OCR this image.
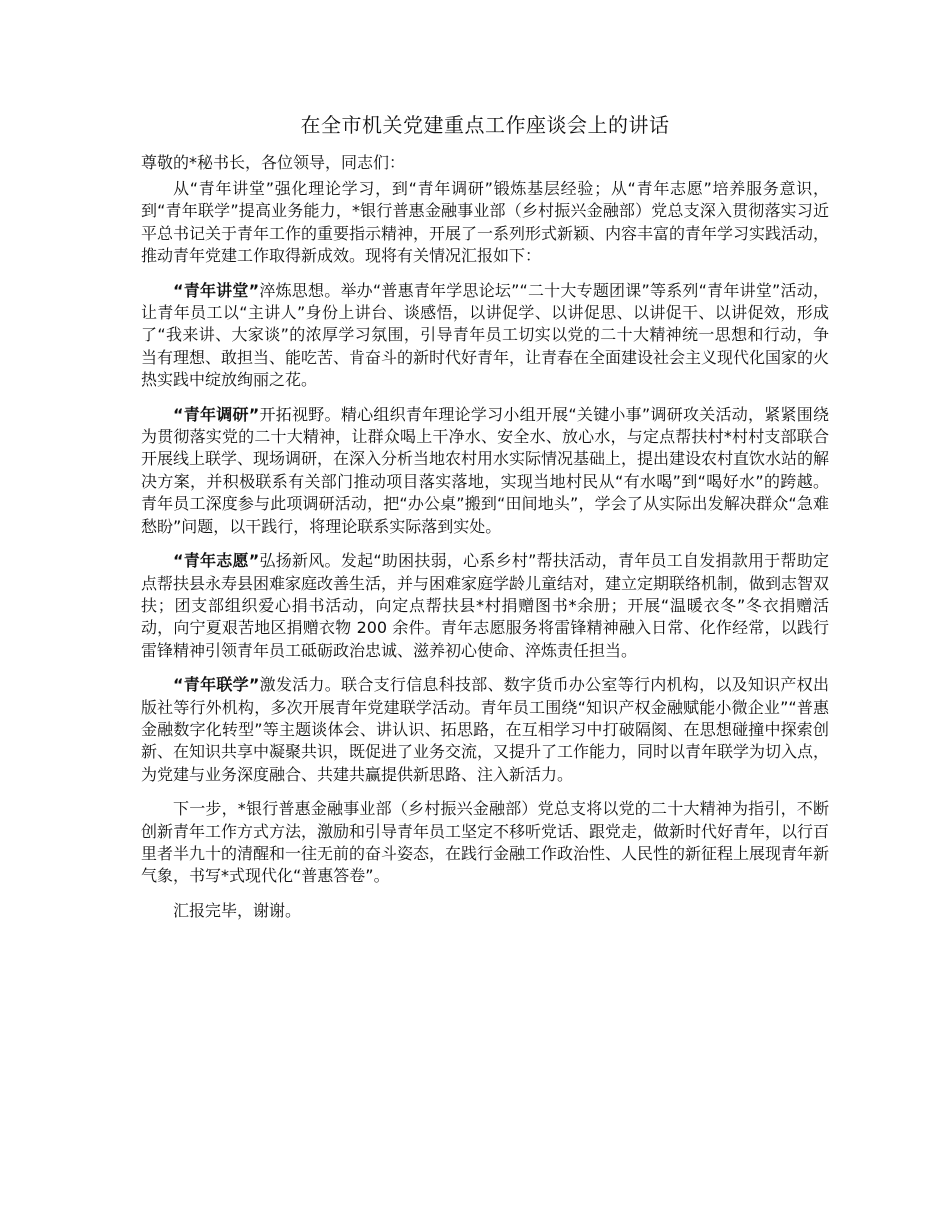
在全市机关党建重点工作座谈会上的讲话

尊敬的*秘书长，各位领导，同志们：

从“青年讲堂”强化理论学习，到“青年调研”锻炼基层经验；从“青年志愿”培养服务意识，到“青年联学”提高业务能力，*银行普惠金融事业部（乡村振兴金融部）党总支深入贯彻落实习近平总书记关于青年工作的重要指示精神，开展了一系列形式新颖、内容丰富的青年学习实践活动，推动青年党建工作取得新成效。现将有关情况汇报如下：

“青年讲堂”淬炼思想。举办“普惠青年学思论坛”“二十大专题团课”等系列“青年讲堂”活动，让青年员工以“主讲人”身份上讲台、谈感悟，以讲促学、以讲促思、以讲促干、以讲促效，形成了“我来讲、大家谈”的浓厚学习氛围，引导青年员工切实以党的二十大精神统一思想和行动，争当有理想、敢担当、能吃苦、肯奋斗的新时代好青年，让青春在全面建设社会主义现代化国家的火热实践中绽放绚丽之花。

“青年调研”开拓视野。精心组织青年理论学习小组开展“关键小事”调研攻关活动，紧紧围绕为贯彻落实党的二十大精神，让群众喝上干净水、安全水、放心水，与定点帮扶村*村村支部联合开展线上联学、现场调研，在深入分析当地农村用水实际情况基础上，提出建设农村直饮水站的解决方案，并积极联系有关部门推动项目落实落地，实现当地村民从“有水喝”到“喝好水”的跨越。青年员工深度参与此项调研活动，把“办公桌”搬到“田间地头”，学会了从实际出发解决群众“急难愁盼”问题，以干践行，将理论联系实际落到实处。

“青年志愿”弘扬新风。发起“助困扶弱，心系乡村”帮扶活动，青年员工自发捐款用于帮助定点帮扶县永寿县困难家庭改善生活，并与困难家庭学龄儿童结对，建立定期联络机制，做到志智双扶；团支部组织爱心捐书活动，向定点帮扶县*村捐赠图书*余册；开展“温暖衣冬”冬衣捐赠活动，向宁夏艰苦地区捐赠衣物 200 余件。青年志愿服务将雷锋精神融入日常、化作经常，以践行雷锋精神引领青年员工砥砺政治忠诚、滋养初心使命、淬炼责任担当。

“青年联学”激发活力。联合支行信息科技部、数字货币办公室等行内机构，以及知识产权出版社等行外机构，多次开展青年党建联学活动。青年员工围绕“知识产权金融赋能小微企业”“普惠金融数字化转型”等主题谈体会、讲认识、拓思路，在互相学习中打破隔阂、在思想碰撞中探索创新、在知识共享中凝聚共识，既促进了业务交流，又提升了工作能力，同时以青年联学为切入点，为党建与业务深度融合、共建共赢提供新思路、注入新活力。

下一步，*银行普惠金融事业部（乡村振兴金融部）党总支将以党的二十大精神为指引，不断创新青年工作方式方法，激励和引导青年员工坚定不移听党话、跟党走，做新时代好青年，以行百里者半九十的清醒和一往无前的奋斗姿态，在践行金融工作政治性、人民性的新征程上展现青年新气象，书写*式现代化“普惠答卷”。

汇报完毕，谢谢。
